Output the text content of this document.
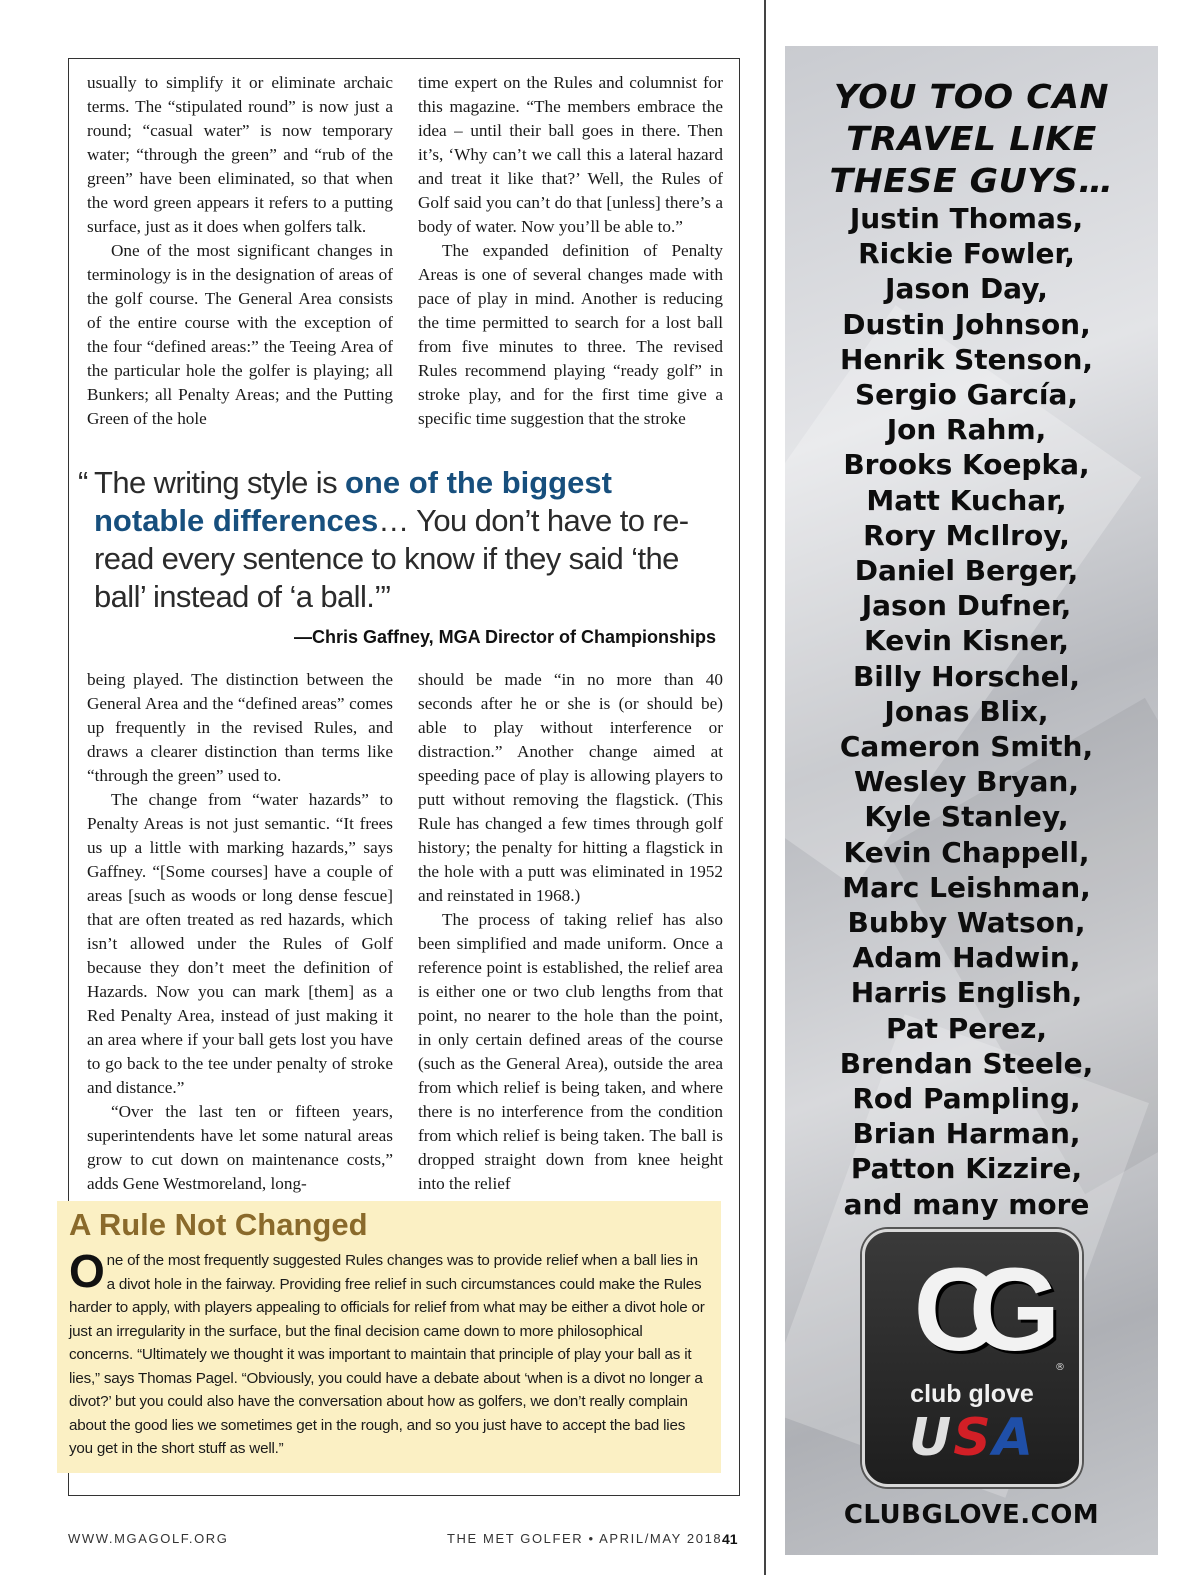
usually to simplify it or eliminate archaic terms. The “stipulated round” is now just a round; “casual water” is now temporary water; “through the green” and “rub of the green” have been eliminated, so that when the word green appears it refers to a putting surface, just as it does when golfers talk.

One of the most significant changes in terminology is in the designation of areas of the golf course. The General Area consists of the entire course with the exception of the four “defined areas:” the Teeing Area of the particular hole the golfer is playing; all Bunkers; all Penalty Areas; and the Putting Green of the hole

time expert on the Rules and columnist for this magazine. “The members embrace the idea – until their ball goes in there. Then it’s, ‘Why can’t we call this a lateral hazard and treat it like that?’ Well, the Rules of Golf said you can’t do that [unless] there’s a body of water. Now you’ll be able to.”

The expanded definition of Penalty Areas is one of several changes made with pace of play in mind. Another is reducing the time permitted to search for a lost ball from five minutes to three. The revised Rules recommend playing “ready golf” in stroke play, and for the first time give a specific time suggestion that the stroke

“ The writing style is one of the biggest notable differences… You don’t have to re-read every sentence to know if they said ‘the ball’ instead of ‘a ball.’”
—Chris Gaffney, MGA Director of Championships

being played. The distinction between the General Area and the “defined areas” comes up frequently in the revised Rules, and draws a clearer distinction than terms like “through the green” used to.

The change from “water hazards” to Penalty Areas is not just semantic. “It frees us up a little with marking hazards,” says Gaffney. “[Some courses] have a couple of areas [such as woods or long dense fescue] that are often treated as red hazards, which isn’t allowed under the Rules of Golf because they don’t meet the definition of Hazards. Now you can mark [them] as a Red Penalty Area, instead of just making it an area where if your ball gets lost you have to go back to the tee under penalty of stroke and distance.”

“Over the last ten or fifteen years, superintendents have let some natural areas grow to cut down on maintenance costs,” adds Gene Westmoreland, long-

should be made “in no more than 40 seconds after he or she is (or should be) able to play without interference or distraction.” Another change aimed at speeding pace of play is allowing players to putt without removing the flagstick. (This Rule has changed a few times through golf history; the penalty for hitting a flagstick in the hole with a putt was eliminated in 1952 and reinstated in 1968.)

The process of taking relief has also been simplified and made uniform. Once a reference point is established, the relief area is either one or two club lengths from that point, no nearer to the hole than the point, in only certain defined areas of the course (such as the General Area), outside the area from which relief is being taken, and where there is no interference from the condition from which relief is being taken. The ball is dropped straight down from knee height into the relief

A Rule Not Changed
One of the most frequently suggested Rules changes was to provide relief when a ball lies in a divot hole in the fairway. Providing free relief in such circumstances could make the Rules harder to apply, with players appealing to officials for relief from what may be either a divot hole or just an irregularity in the surface, but the final decision came down to more philosophical concerns. “Ultimately we thought it was important to maintain that principle of play your ball as it lies,” says Thomas Pagel. “Obviously, you could have a debate about ‘when is a divot no longer a divot?’ but you could also have the conversation about how as golfers, we don’t really complain about the good lies we sometimes get in the rough, and so you just have to accept the bad lies you get in the short stuff as well.”
WWW.MGAGOLF.ORG	THE MET GOLFER • APRIL/MAY 2018 41
YOU TOO CAN
TRAVEL LIKE
THESE GUYS…
Justin Thomas,
Rickie Fowler,
Jason Day,
Dustin Johnson,
Henrik Stenson,
Sergio García,
Jon Rahm,
Brooks Koepka,
Matt Kuchar,
Rory McIlroy,
Daniel Berger,
Jason Dufner,
Kevin Kisner,
Billy Horschel,
Jonas Blix,
Cameron Smith,
Wesley Bryan,
Kyle Stanley,
Kevin Chappell,
Marc Leishman,
Bubby Watson,
Adam Hadwin,
Harris English,
Pat Perez,
Brendan Steele,
Rod Pampling,
Brian Harman,
Patton Kizzire,
and many more
CG	®
club glove
USA
CLUBGLOVE.COM
